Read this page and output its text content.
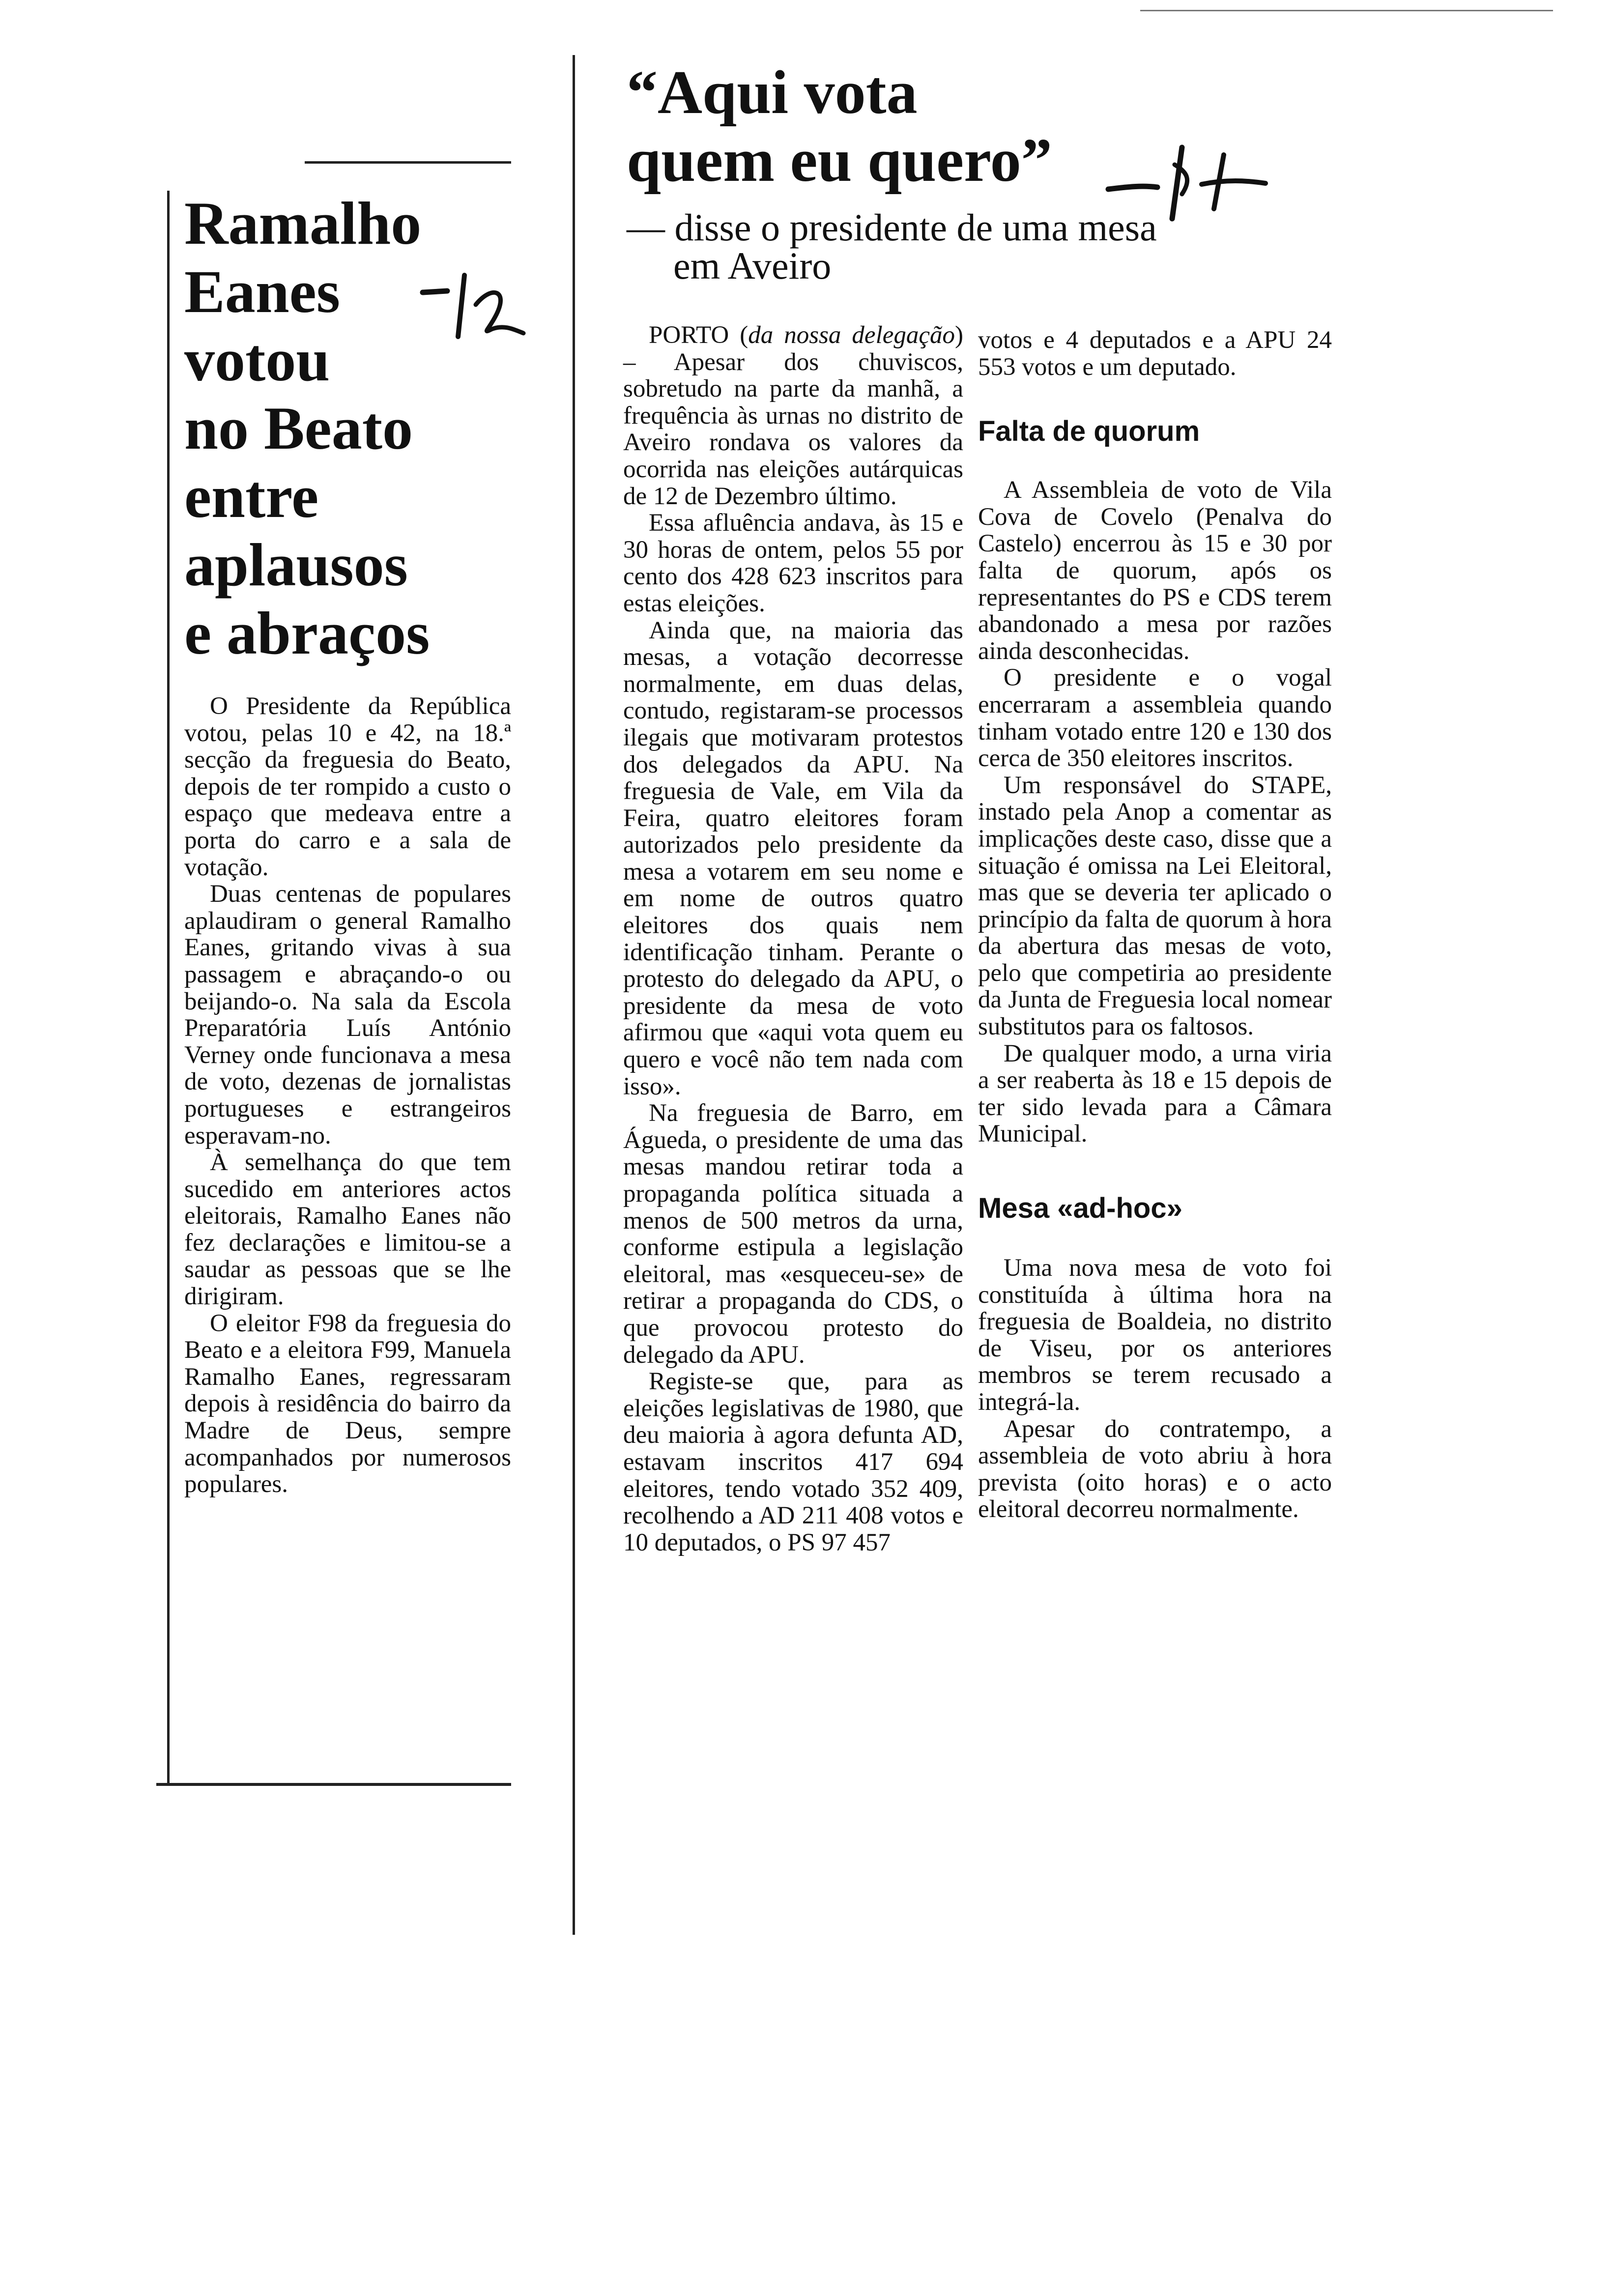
Ramalho
Eanes
votou
no Beato
entre
aplausos
e abraços

O Presidente da República votou, pelas 10 e 42, na 18.ª secção da freguesia do Beato, depois de ter rompido a custo o espaço que medeava entre a porta do carro e a sala de votação.

Duas centenas de populares aplaudiram o general Ramalho Eanes, gritando vivas à sua passagem e abraçando-o ou beijando-o. Na sala da Escola Preparatória Luís António Verney onde funcionava a mesa de voto, dezenas de jornalistas portugueses e estrangeiros esperavam-no.

À semelhança do que tem sucedido em anteriores actos eleitorais, Ramalho Eanes não fez declarações e limitou-se a saudar as pessoas que se lhe dirigiram.

O eleitor F98 da freguesia do Beato e a eleitora F99, Manuela Ramalho Eanes, regressaram depois à residência do bairro da Madre de Deus, sempre acompanhados por numerosos populares.

“Aqui vota
quem eu quero”
— disse o presidente de uma mesa
em Aveiro

PORTO (da nossa delegação) – Apesar dos chuviscos, sobretudo na parte da manhã, a frequência às urnas no distrito de Aveiro rondava os valores da ocorrida nas eleições autárquicas de 12 de Dezembro último.

Essa afluência andava, às 15 e 30 horas de ontem, pelos 55 por cento dos 428 623 inscritos para estas eleições.

Ainda que, na maioria das mesas, a votação decorresse normalmente, em duas delas, contudo, registaram-se processos ilegais que motivaram protestos dos delegados da APU. Na freguesia de Vale, em Vila da Feira, quatro eleitores foram autorizados pelo presidente da mesa a votarem em seu nome e em nome de outros quatro eleitores dos quais nem identificação tinham. Perante o protesto do delegado da APU, o presidente da mesa de voto afirmou que «aqui vota quem eu quero e você não tem nada com isso».

Na freguesia de Barro, em Águeda, o presidente de uma das mesas mandou retirar toda a propaganda política situada a menos de 500 metros da urna, conforme estipula a legislação eleitoral, mas «esqueceu-se» de retirar a propaganda do CDS, o que provocou protesto do delegado da APU.

Registe-se que, para as eleições legislativas de 1980, que deu maioria à agora defunta AD, estavam inscritos 417 694 eleitores, tendo votado 352 409, recolhendo a AD 211 408 votos e 10 deputados, o PS 97 457

votos e 4 deputados e a APU 24 553 votos e um deputado.

Falta de quorum

A Assembleia de voto de Vila Cova de Covelo (Penalva do Castelo) encerrou às 15 e 30 por falta de quorum, após os representantes do PS e CDS terem abandonado a mesa por razões ainda desconhecidas.

O presidente e o vogal encerraram a assembleia quando tinham votado entre 120 e 130 dos cerca de 350 eleitores inscritos.

Um responsável do STAPE, instado pela Anop a comentar as implicações deste caso, disse que a situação é omissa na Lei Eleitoral, mas que se deveria ter aplicado o princípio da falta de quorum à hora da abertura das mesas de voto, pelo que competiria ao presidente da Junta de Freguesia local nomear substitutos para os faltosos.

De qualquer modo, a urna viria a ser reaberta às 18 e 15 depois de ter sido levada para a Câmara Municipal.

Mesa «ad-hoc»

Uma nova mesa de voto foi constituída à última hora na freguesia de Boaldeia, no distrito de Viseu, por os anteriores membros se terem recusado a integrá-la.

Apesar do contratempo, a assembleia de voto abriu à hora prevista (oito horas) e o acto eleitoral decorreu normalmente.
